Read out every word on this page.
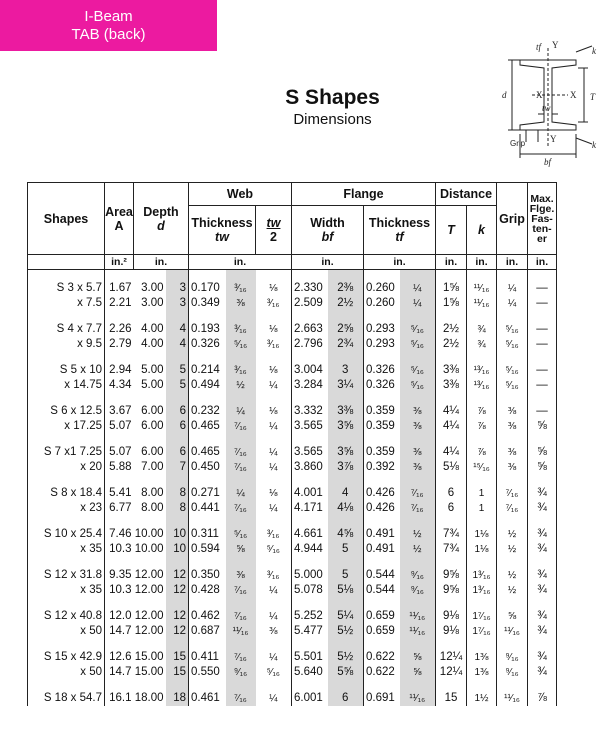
I-Beam
TAB (back)
S Shapes
Dimensions
tf Y
k
d	X	X T
tw
Grip	Y
k
bf
Shapes	Area
A	Depth
d		Web			Flange				Distance		Grip	Max. Flge. Fas- ten- er
				Thickness
tw		tw
2	Width
bf		Thickness
tf		T	k		
	in.²	in.		in.			in.		in.		in.	in.	in.	in.

S 3 x 5.7	1.67	3.00	3	0.170	³⁄₁₆	⅛	2.330	2⅜	0.260	¼	1⅝	¹¹⁄₁₆	¼	—
x 7.5	2.21	3.00	3	0.349	⅜	³⁄₁₆	2.509	2½	0.260	¼	1⅝	¹¹⁄₁₆	¼	—

S 4 x 7.7	2.26	4.00	4	0.193	³⁄₁₆	⅛	2.663	2⅝	0.293	⁵⁄₁₆	2½	¾	⁵⁄₁₆	—
x 9.5	2.79	4.00	4	0.326	⁵⁄₁₆	³⁄₁₆	2.796	2¾	0.293	⁵⁄₁₆	2½	¾	⁵⁄₁₆	—

S 5 x 10	2.94	5.00	5	0.214	³⁄₁₆	⅛	3.004	3	0.326	⁵⁄₁₆	3⅜	¹³⁄₁₆	⁵⁄₁₆	—
x 14.75	4.34	5.00	5	0.494	½	¼	3.284	3¼	0.326	⁵⁄₁₆	3⅜	¹³⁄₁₆	⁵⁄₁₆	—

S 6 x 12.5	3.67	6.00	6	0.232	¼	⅛	3.332	3⅜	0.359	⅜	4¼	⅞	⅜	—
x 17.25	5.07	6.00	6	0.465	⁷⁄₁₆	¼	3.565	3⅝	0.359	⅜	4¼	⅞	⅜	⅝

S 7 x1 7.25	5.07	6.00	6	0.465	⁷⁄₁₆	¼	3.565	3⅝	0.359	⅜	4¼	⅞	⅜	⅝
x 20	5.88	7.00	7	0.450	⁷⁄₁₆	¼	3.860	3⅞	0.392	⅜	5⅛	¹⁵⁄₁₆	⅜	⅝

S 8 x 18.4	5.41	8.00	8	0.271	¼	⅛	4.001	4	0.426	⁷⁄₁₆	6	1	⁷⁄₁₆	¾
x 23	6.77	8.00	8	0.441	⁷⁄₁₆	¼	4.171	4⅛	0.426	⁷⁄₁₆	6	1	⁷⁄₁₆	¾

S 10 x 25.4	7.46	10.00	10	0.311	⁵⁄₁₆	³⁄₁₆	4.661	4⅝	0.491	½	7¾	1⅛	½	¾
x 35	10.3	10.00	10	0.594	⅝	⁵⁄₁₆	4.944	5	0.491	½	7¾	1⅛	½	¾

S 12 x 31.8	9.35	12.00	12	0.350	⅜	³⁄₁₆	5.000	5	0.544	⁹⁄₁₆	9⅝	1³⁄₁₆	½	¾
x 35	10.3	12.00	12	0.428	⁷⁄₁₆	¼	5.078	5⅛	0.544	⁹⁄₁₆	9⅝	1³⁄₁₆	½	¾

S 12 x 40.8	12.0	12.00	12	0.462	⁷⁄₁₆	¼	5.252	5¼	0.659	¹¹⁄₁₆	9⅛	1⁷⁄₁₆	⅝	¾
x 50	14.7	12.00	12	0.687	¹¹⁄₁₆	⅜	5.477	5½	0.659	¹¹⁄₁₆	9⅛	1⁷⁄₁₆	¹¹⁄₁₆	¾

S 15 x 42.9	12.6	15.00	15	0.411	⁷⁄₁₆	¼	5.501	5½	0.622	⅝	12¼	1⅜	⁹⁄₁₆	¾
x 50	14.7	15.00	15	0.550	⁹⁄₁₆	⁵⁄₁₆	5.640	5⅝	0.622	⅝	12¼	1⅜	⁹⁄₁₆	¾

S 18 x 54.7	16.1	18.00	18	0.461	⁷⁄₁₆	¼	6.001	6	0.691	¹¹⁄₁₆	15	1½	¹¹⁄₁₆	⅞
